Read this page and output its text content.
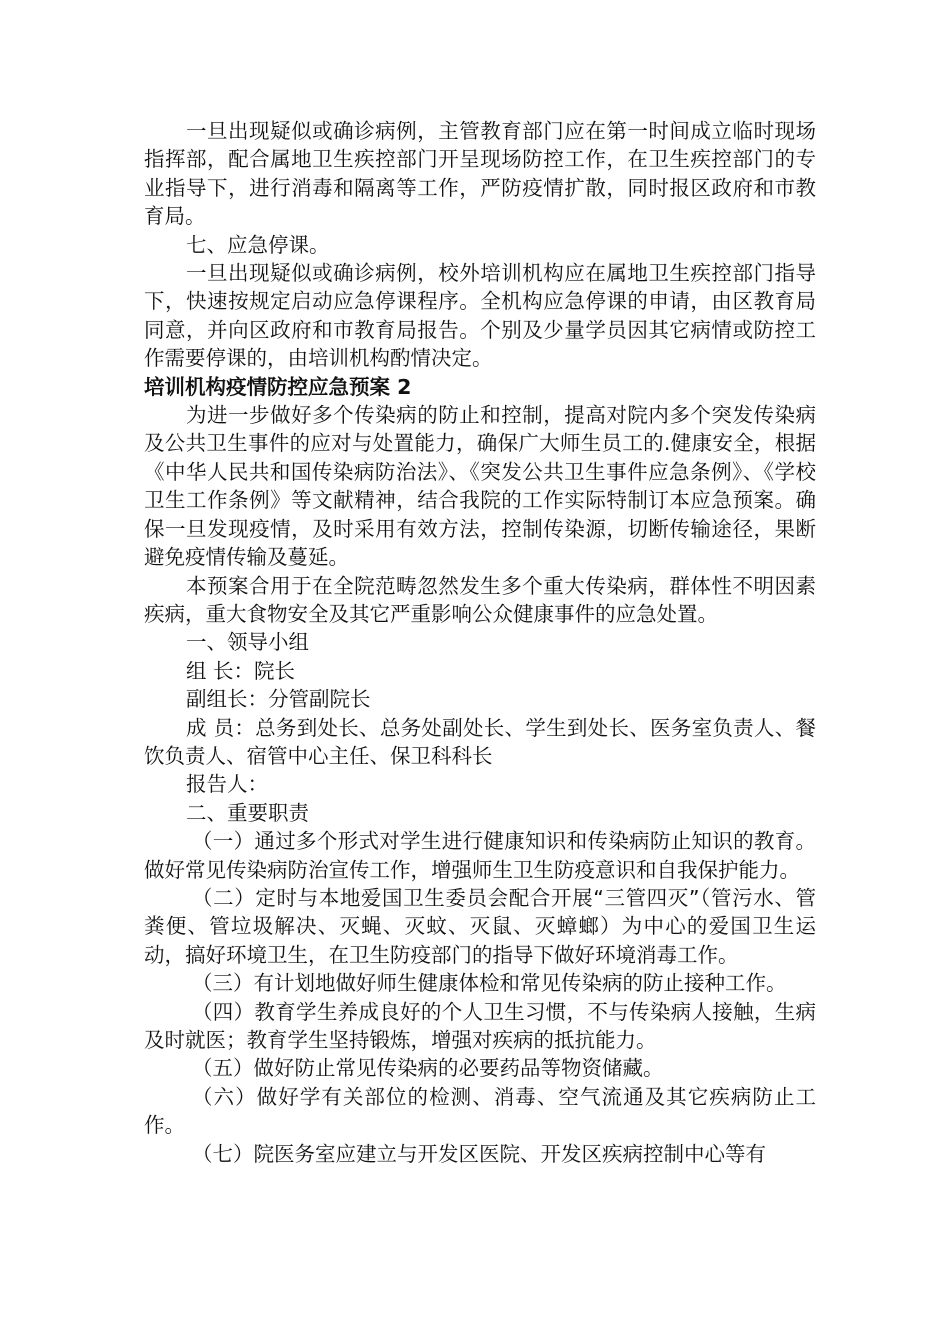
一旦出现疑似或确诊病例，主管教育部门应在第一时间成立临时现场指挥部，配合属地卫生疾控部门开呈现场防控工作，在卫生疾控部门的专业指导下，进行消毒和隔离等工作，严防疫情扩散，同时报区政府和市教育局。

七、应急停课。

一旦出现疑似或确诊病例，校外培训机构应在属地卫生疾控部门指导下，快速按规定启动应急停课程序。全机构应急停课的申请，由区教育局同意，并向区政府和市教育局报告。个别及少量学员因其它病情或防控工作需要停课的，由培训机构酌情决定。

培训机构疫情防控应急预案 2

为进一步做好多个传染病的防止和控制，提高对院内多个突发传染病及公共卫生事件的应对与处置能力，确保广大师生员工的.健康安全，根据《中华人民共和国传染病防治法》、《突发公共卫生事件应急条例》、《学校卫生工作条例》等文献精神，结合我院的工作实际特制订本应急预案。确保一旦发现疫情，及时采用有效方法，控制传染源，切断传输途径，果断避免疫情传输及蔓延。

本预案合用于在全院范畴忽然发生多个重大传染病，群体性不明因素疾病，重大食物安全及其它严重影响公众健康事件的应急处置。

一、领导小组

组 长：院长

副组长：分管副院长

成 员：总务到处长、总务处副处长、学生到处长、医务室负责人、餐饮负责人、宿管中心主任、保卫科科长

报告人：

二、重要职责

（一）通过多个形式对学生进行健康知识和传染病防止知识的教育。做好常见传染病防治宣传工作，增强师生卫生防疫意识和自我保护能力。

（二）定时与本地爱国卫生委员会配合开展“三管四灭”（管污水、管粪便、管垃圾解决、灭蝇、灭蚊、灭鼠、灭蟑螂）为中心的爱国卫生运动，搞好环境卫生，在卫生防疫部门的指导下做好环境消毒工作。

（三）有计划地做好师生健康体检和常见传染病的防止接种工作。

（四）教育学生养成良好的个人卫生习惯，不与传染病人接触，生病及时就医；教育学生坚持锻炼，增强对疾病的抵抗能力。

（五）做好防止常见传染病的必要药品等物资储藏。

（六）做好学有关部位的检测、消毒、空气流通及其它疾病防止工作。

（七）院医务室应建立与开发区医院、开发区疾病控制中心等有
